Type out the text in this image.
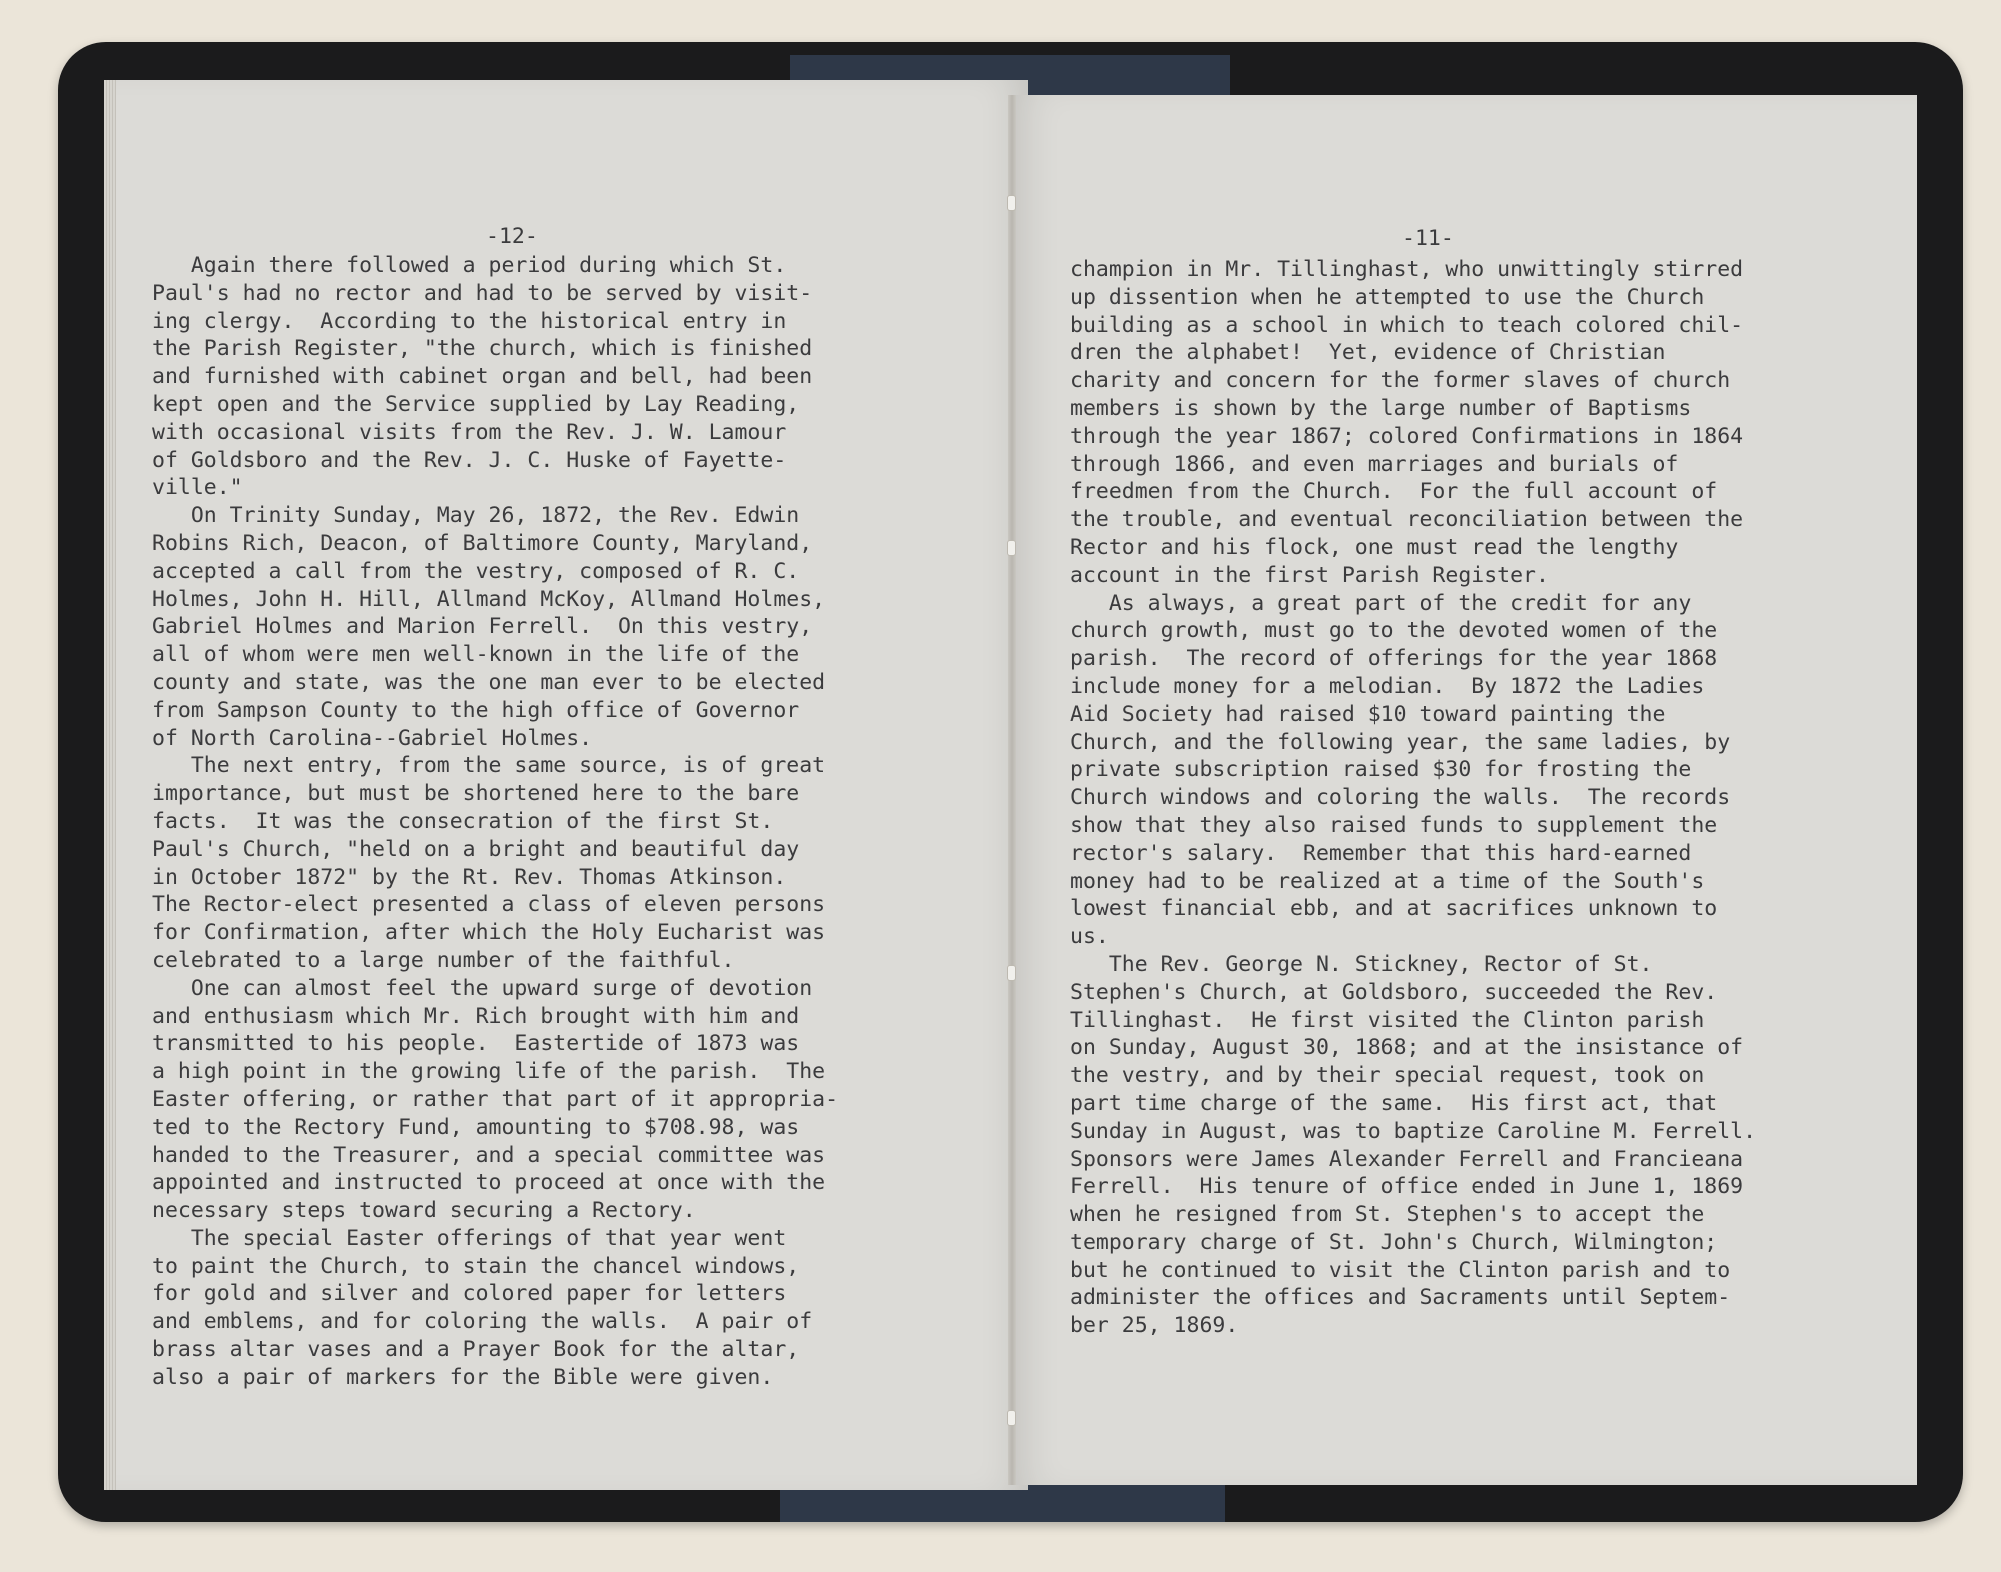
-12-
Again there followed a period during which St.
Paul's had no rector and had to be served by visit-
ing clergy.  According to the historical entry in
the Parish Register, "the church, which is finished
and furnished with cabinet organ and bell, had been
kept open and the Service supplied by Lay Reading,
with occasional visits from the Rev. J. W. Lamour
of Goldsboro and the Rev. J. C. Huske of Fayette-
ville."
On Trinity Sunday, May 26, 1872, the Rev. Edwin
Robins Rich, Deacon, of Baltimore County, Maryland,
accepted a call from the vestry, composed of R. C.
Holmes, John H. Hill, Allmand McKoy, Allmand Holmes,
Gabriel Holmes and Marion Ferrell.  On this vestry,
all of whom were men well-known in the life of the
county and state, was the one man ever to be elected
from Sampson County to the high office of Governor
of North Carolina--Gabriel Holmes.
The next entry, from the same source, is of great
importance, but must be shortened here to the bare
facts.  It was the consecration of the first St.
Paul's Church, "held on a bright and beautiful day
in October 1872" by the Rt. Rev. Thomas Atkinson.
The Rector-elect presented a class of eleven persons
for Confirmation, after which the Holy Eucharist was
celebrated to a large number of the faithful.
One can almost feel the upward surge of devotion
and enthusiasm which Mr. Rich brought with him and
transmitted to his people.  Eastertide of 1873 was
a high point in the growing life of the parish.  The
Easter offering, or rather that part of it appropria-
ted to the Rectory Fund, amounting to $708.98, was
handed to the Treasurer, and a special committee was
appointed and instructed to proceed at once with the
necessary steps toward securing a Rectory.
The special Easter offerings of that year went
to paint the Church, to stain the chancel windows,
for gold and silver and colored paper for letters
and emblems, and for coloring the walls.  A pair of
brass altar vases and a Prayer Book for the altar,
also a pair of markers for the Bible were given.
-11-
champion in Mr. Tillinghast, who unwittingly stirred
up dissention when he attempted to use the Church
building as a school in which to teach colored chil-
dren the alphabet!  Yet, evidence of Christian
charity and concern for the former slaves of church
members is shown by the large number of Baptisms
through the year 1867; colored Confirmations in 1864
through 1866, and even marriages and burials of
freedmen from the Church.  For the full account of
the trouble, and eventual reconciliation between the
Rector and his flock, one must read the lengthy
account in the first Parish Register.
As always, a great part of the credit for any
church growth, must go to the devoted women of the
parish.  The record of offerings for the year 1868
include money for a melodian.  By 1872 the Ladies
Aid Society had raised $10 toward painting the
Church, and the following year, the same ladies, by
private subscription raised $30 for frosting the
Church windows and coloring the walls.  The records
show that they also raised funds to supplement the
rector's salary.  Remember that this hard-earned
money had to be realized at a time of the South's
lowest financial ebb, and at sacrifices unknown to
us.
The Rev. George N. Stickney, Rector of St.
Stephen's Church, at Goldsboro, succeeded the Rev.
Tillinghast.  He first visited the Clinton parish
on Sunday, August 30, 1868; and at the insistance of
the vestry, and by their special request, took on
part time charge of the same.  His first act, that
Sunday in August, was to baptize Caroline M. Ferrell.
Sponsors were James Alexander Ferrell and Francieana
Ferrell.  His tenure of office ended in June 1, 1869
when he resigned from St. Stephen's to accept the
temporary charge of St. John's Church, Wilmington;
but he continued to visit the Clinton parish and to
administer the offices and Sacraments until Septem-
ber 25, 1869.
